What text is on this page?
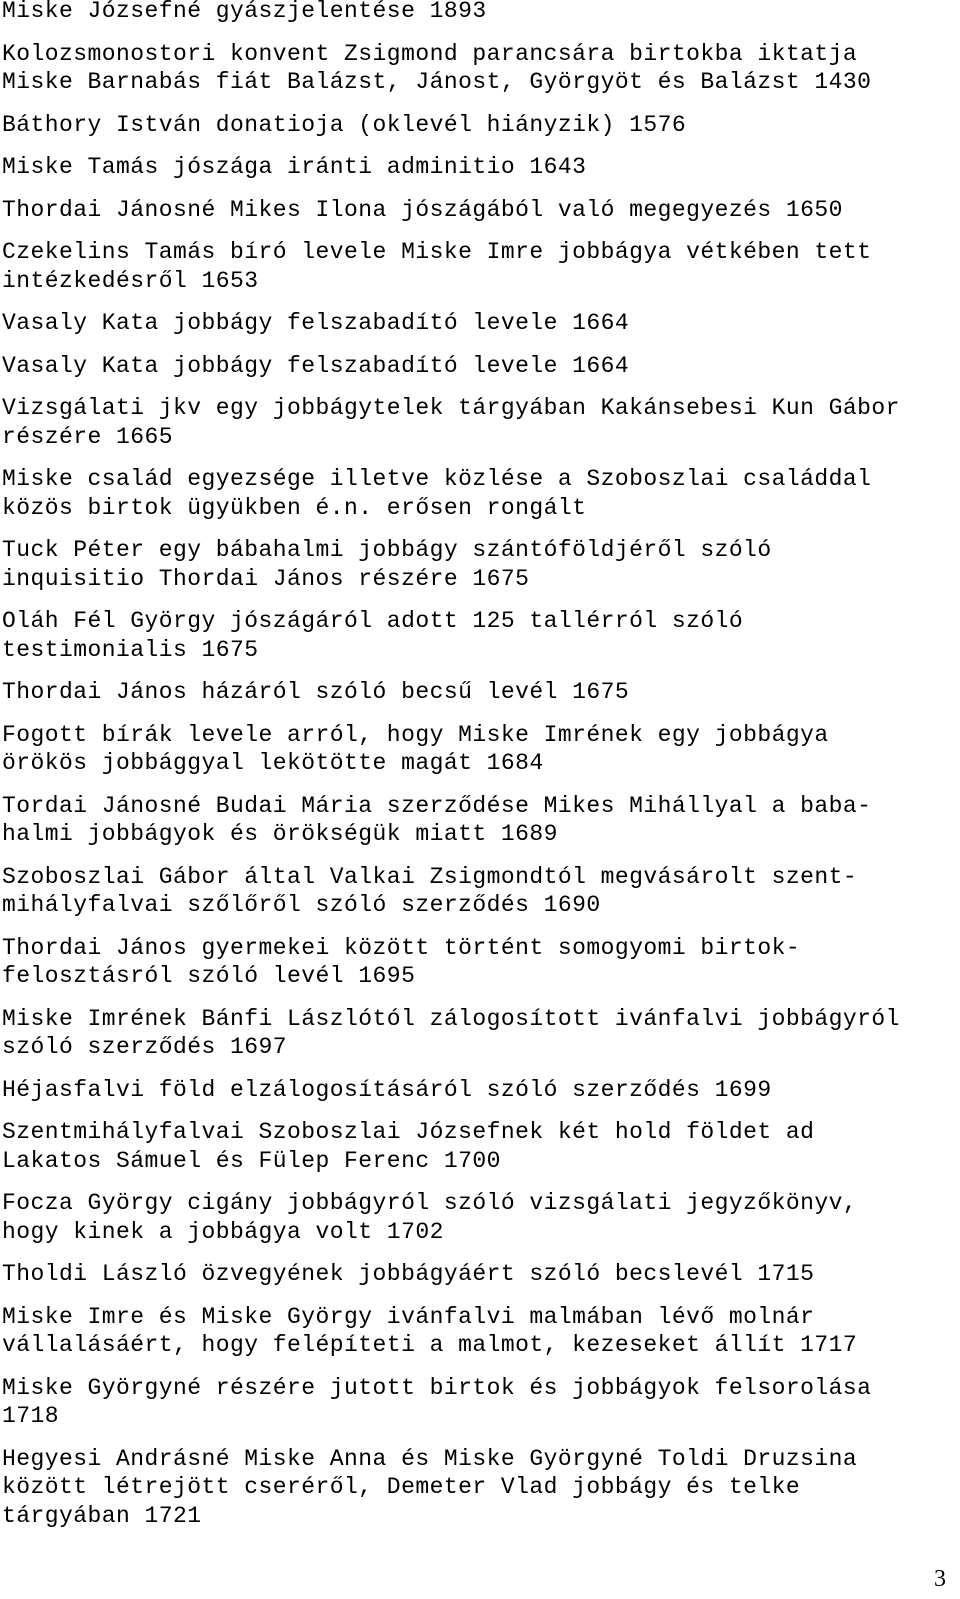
Miske Józsefné gyászjelentése 1893
Kolozsmonostori konvent Zsigmond parancsára birtokba iktatja
Miske Barnabás fiát Balázst, Jánost, Györgyöt és Balázst 1430
Báthory István donatioja (oklevél hiányzik) 1576
Miske Tamás jószága iránti adminitio 1643
Thordai Jánosné Mikes Ilona jószágából való megegyezés 1650
Czekelins Tamás bíró levele Miske Imre jobbágya vétkében tett
intézkedésről 1653
Vasaly Kata jobbágy felszabadító levele 1664
Vasaly Kata jobbágy felszabadító levele 1664
Vizsgálati jkv egy jobbágytelek tárgyában Kakánsebesi Kun Gábor
részére 1665
Miske család egyezsége illetve közlése a Szoboszlai családdal
közös birtok ügyükben é.n. erősen rongált
Tuck Péter egy bábahalmi jobbágy szántóföldjéről szóló
inquisitio Thordai János részére 1675
Oláh Fél György jószágáról adott 125 tallérról szóló
testimonialis 1675
Thordai János házáról szóló becsű levél 1675
Fogott bírák levele arról, hogy Miske Imrének egy jobbágya
örökös jobbággyal lekötötte magát 1684
Tordai Jánosné Budai Mária szerződése Mikes Mihállyal a baba-
halmi jobbágyok és örökségük miatt 1689
Szoboszlai Gábor által Valkai Zsigmondtól megvásárolt szent-
mihályfalvai szőlőről szóló szerződés 1690
Thordai János gyermekei között történt somogyomi birtok-
felosztásról szóló levél 1695
Miske Imrének Bánfi Lászlótól zálogosított ivánfalvi jobbágyról
szóló szerződés 1697
Héjasfalvi föld elzálogosításáról szóló szerződés 1699
Szentmihályfalvai Szoboszlai Józsefnek két hold földet ad
Lakatos Sámuel és Fülep Ferenc 1700
Focza György cigány jobbágyról szóló vizsgálati jegyzőkönyv,
hogy kinek a jobbágya volt 1702
Tholdi László özvegyének jobbágyáért szóló becslevél 1715
Miske Imre és Miske György ivánfalvi malmában lévő molnár
vállalásáért, hogy felépíteti a malmot, kezeseket állít 1717
Miske Györgyné részére jutott birtok és jobbágyok felsorolása
1718
Hegyesi Andrásné Miske Anna és Miske Györgyné Toldi Druzsina
között létrejött cseréről, Demeter Vlad jobbágy és telke
tárgyában 1721
3
